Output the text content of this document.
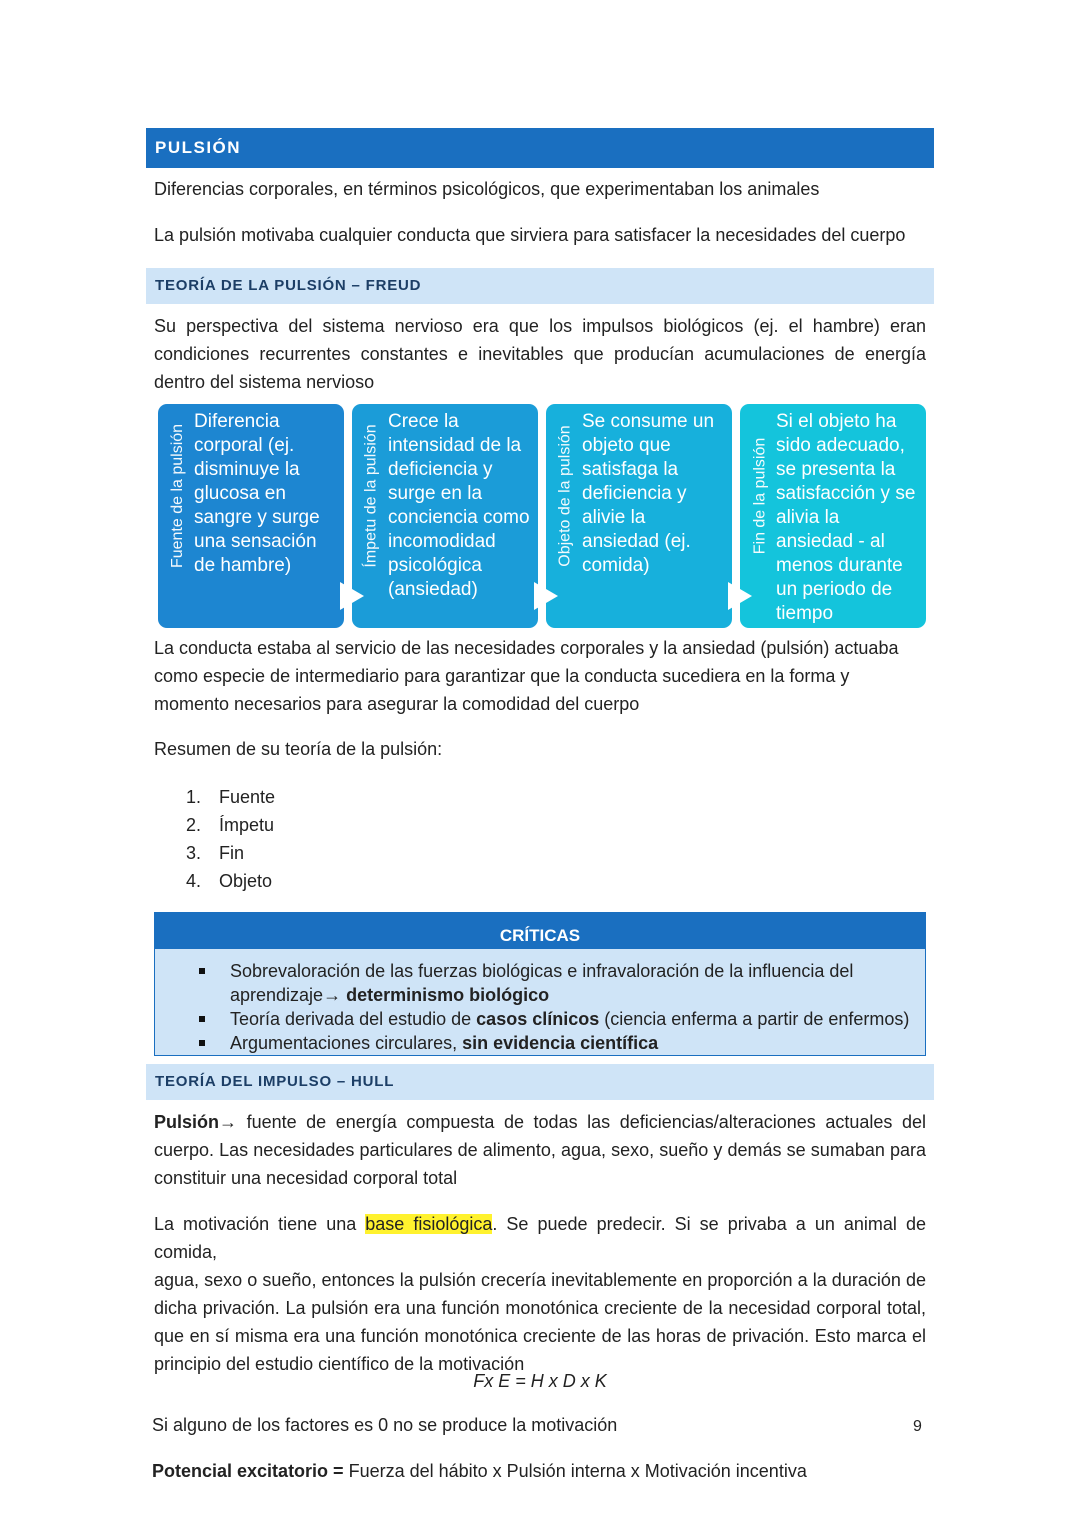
PULSIÓN
Diferencias corporales, en términos psicológicos, que experimentaban los animales
La pulsión motivaba cualquier conducta que sirviera para satisfacer la necesidades del cuerpo
TEORÍA DE LA PULSIÓN – FREUD
Su perspectiva del sistema nervioso era que los impulsos biológicos (ej. el hambre) eran
condiciones recurrentes constantes e inevitables que producían acumulaciones de energía
dentro del sistema nervioso
Fuente de la pulsión
Diferencia corporal (ej. disminuye la glucosa en sangre y surge una sensación de hambre)	Ímpetu de la pulsión
Crece la intensidad de la deficiencia y surge en la conciencia como incomodidad psicológica (ansiedad)
Objeto de la pulsión
Se consume un objeto que satisfaga la deficiencia y alivie la ansiedad (ej. comida)
Fin de la pulsión
Si el objeto ha sido adecuado, se presenta la satisfacción y se alivia la ansiedad - al menos durante un periodo de tiempo
La conducta estaba al servicio de las necesidades corporales y la ansiedad (pulsión) actuaba
como especie de intermediario para garantizar que la conducta sucediera en la forma y
momento necesarios para asegurar la comodidad del cuerpo
Resumen de su teoría de la pulsión:
1. Fuente
2. Ímpetu
3. Fin
4. Objeto
CRÍTICAS
Sobrevaloración de las fuerzas biológicas e infravaloración de la influencia del aprendizaje→ determinismo biológico
Teoría derivada del estudio de casos clínicos (ciencia enferma a partir de enfermos)
Argumentaciones circulares, sin evidencia científica
TEORÍA DEL IMPULSO – HULL
Pulsión→ fuente de energía compuesta de todas las deficiencias/alteraciones actuales del
cuerpo. Las necesidades particulares de alimento, agua, sexo, sueño y demás se sumaban para
constituir una necesidad corporal total
La motivación tiene una base fisiológica. Se puede predecir. Si se privaba a un animal de comida,
agua, sexo o sueño, entonces la pulsión crecería inevitablemente en proporción a la duración de
dicha privación. La pulsión era una función monotónica creciente de la necesidad corporal total,
que en sí misma era una función monotónica creciente de las horas de privación. Esto marca el
principio del estudio científico de la motivación
Fx E = H x D x K
Si alguno de los factores es 0 no se produce la motivación	9
Potencial excitatorio = Fuerza del hábito x Pulsión interna x Motivación incentiva
